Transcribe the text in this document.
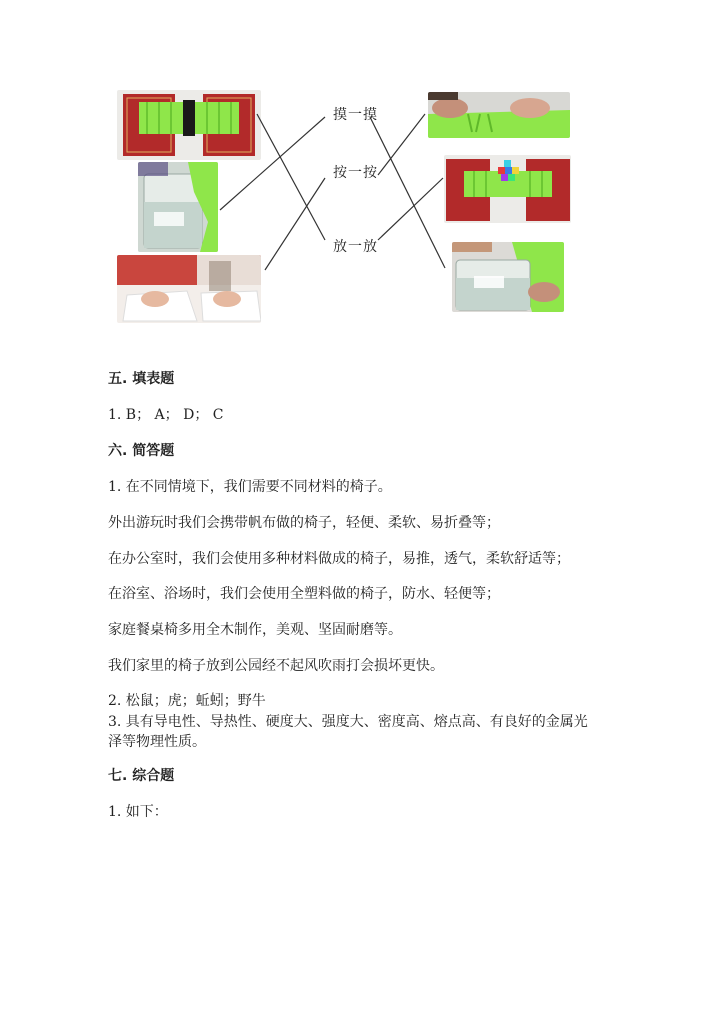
摸一摸
按一按
放一放
五. 填表题
1. B； A； D； C
六. 简答题
1. 在不同情境下，我们需要不同材料的椅子。
外出游玩时我们会携带帆布做的椅子，轻便、柔软、易折叠等；
在办公室时，我们会使用多种材料做成的椅子，易推，透气，柔软舒适等；
在浴室、浴场时，我们会使用全塑料做的椅子，防水、轻便等；
家庭餐桌椅多用全木制作，美观、坚固耐磨等。
我们家里的椅子放到公园经不起风吹雨打会损坏更快。
2. 松鼠；虎；蚯蚓；野牛
3. 具有导电性、导热性、硬度大、强度大、密度高、熔点高、有良好的金属光
泽等物理性质。
七. 综合题
1. 如下：
